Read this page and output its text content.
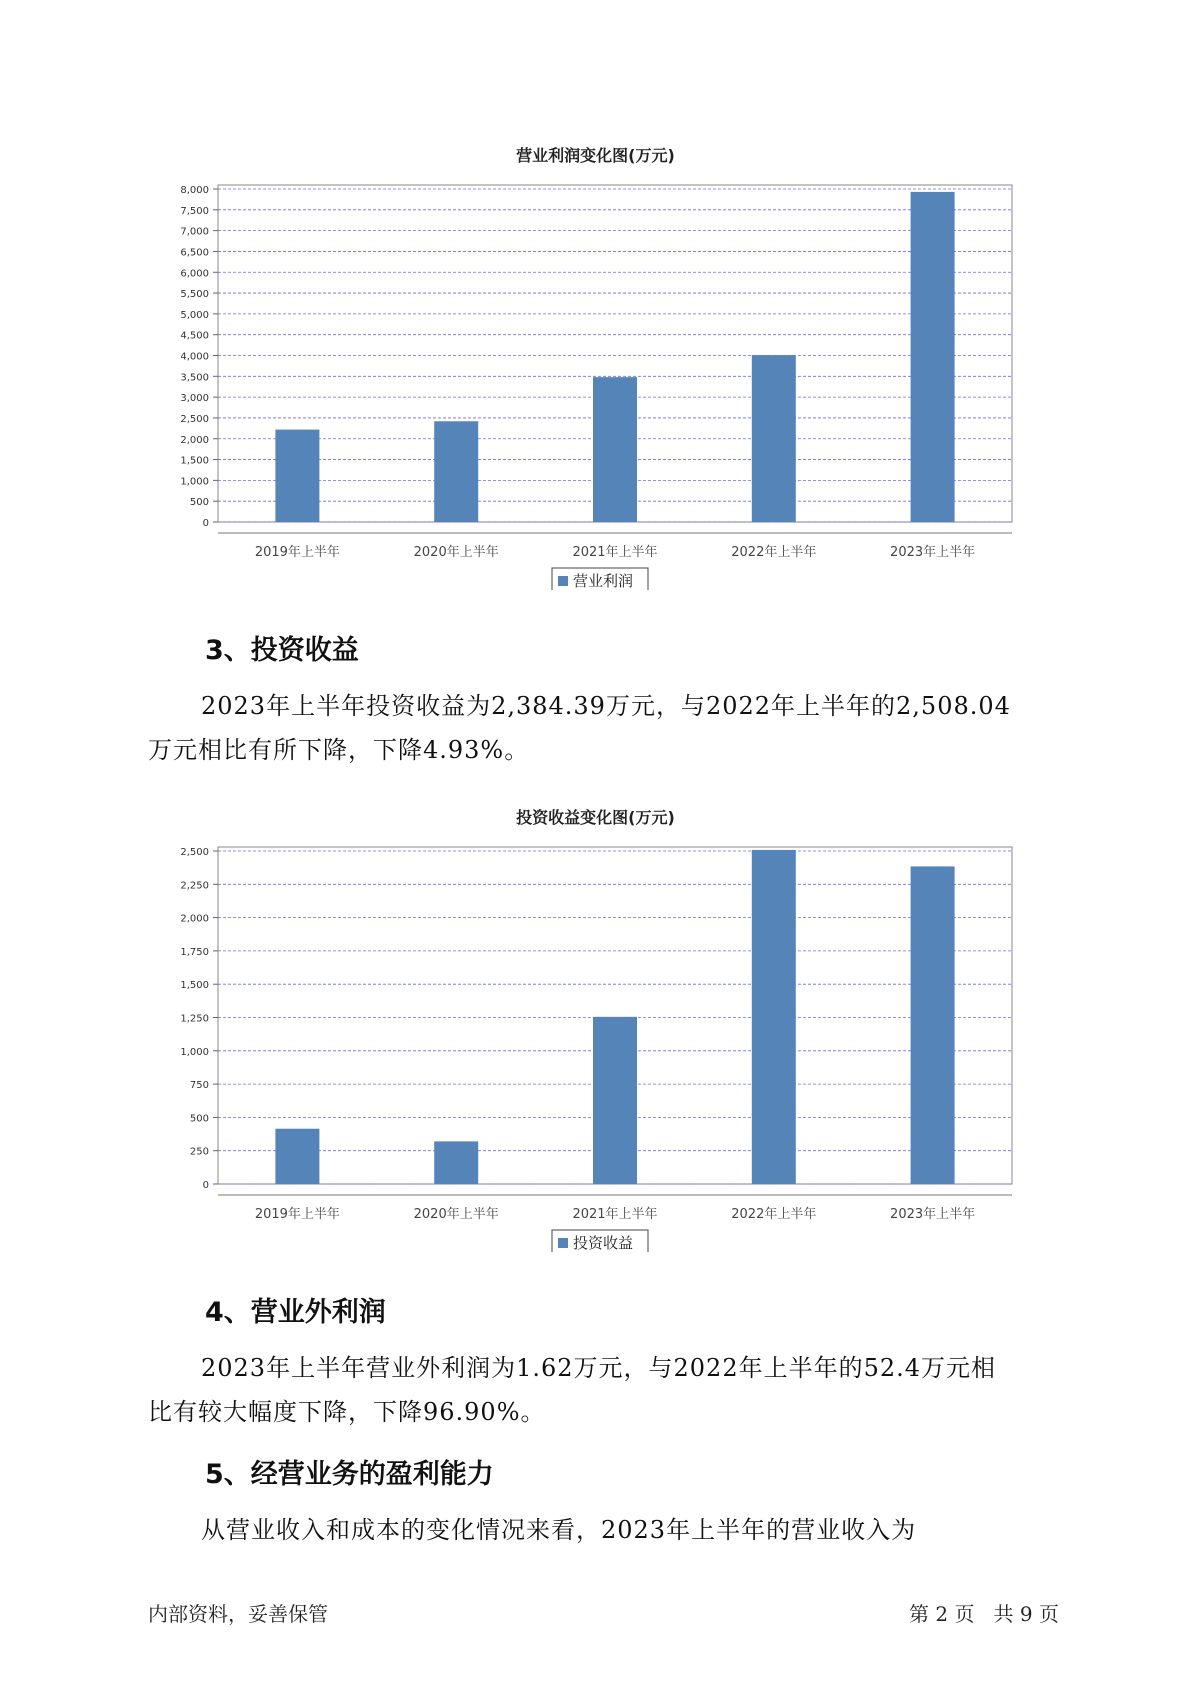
营业利润变化图(万元)
0
500
1,000
1,500
2,000
2,500
3,000
3,500
4,000
4,500
5,000
5,500
6,000
6,500
7,000
7,500
8,000
2019年上半年	2020年上半年	2021年上半年	2022年上半年	2023年上半年
营业利润
3、投资收益
2023年上半年投资收益为2,384.39万元，与2022年上半年的2,508.04
万元相比有所下降，下降4.93%。
投资收益变化图(万元)
0
250
500
750
1,000
1,250
1,500
1,750
2,000
2,250
2,500
2019年上半年	2020年上半年	2021年上半年	2022年上半年	2023年上半年
投资收益
4、营业外利润
2023年上半年营业外利润为1.62万元，与2022年上半年的52.4万元相
比有较大幅度下降，下降96.90%。
5、经营业务的盈利能力
从营业收入和成本的变化情况来看，2023年上半年的营业收入为
内部资料，妥善保管	第 2 页   共 9 页
